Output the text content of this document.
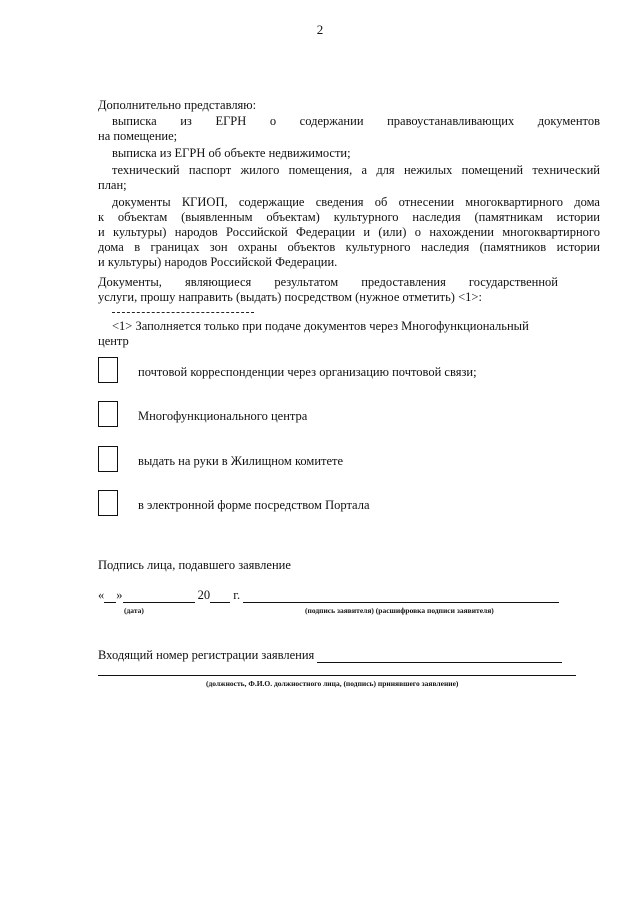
2
Дополнительно представляю:
выписка из ЕГРН о содержании правоустанавливающих документов
на помещение;
выписка из ЕГРН об объекте недвижимости;
технический паспорт жилого помещения, а для нежилых помещений технический
план;
документы КГИОП, содержащие сведения об отнесении многоквартирного дома
к объектам (выявленным объектам) культурного наследия (памятникам истории
и культуры) народов Российской Федерации и (или) о нахождении многоквартирного
дома в границах зон охраны объектов культурного наследия (памятников истории
и культуры) народов Российской Федерации.
Документы, являющиеся результатом предоставления государственной
услуги, прошу направить (выдать) посредством (нужное отметить) <1>:
<1> Заполняется только при подаче документов через Многофункциональный
центр
почтовой корреспонденции через организацию почтовой связи;
Многофункционального центра
выдать на руки в Жилищном комитете
в электронной форме посредством Портала
Подпись лица, подавшего заявление
« »	20 г.
(дата)	(подпись заявителя) (расшифровка подписи заявителя)
Входящий номер регистрации заявления
(должность, Ф.И.О. должностного лица, (подпись) принявшего заявление)
